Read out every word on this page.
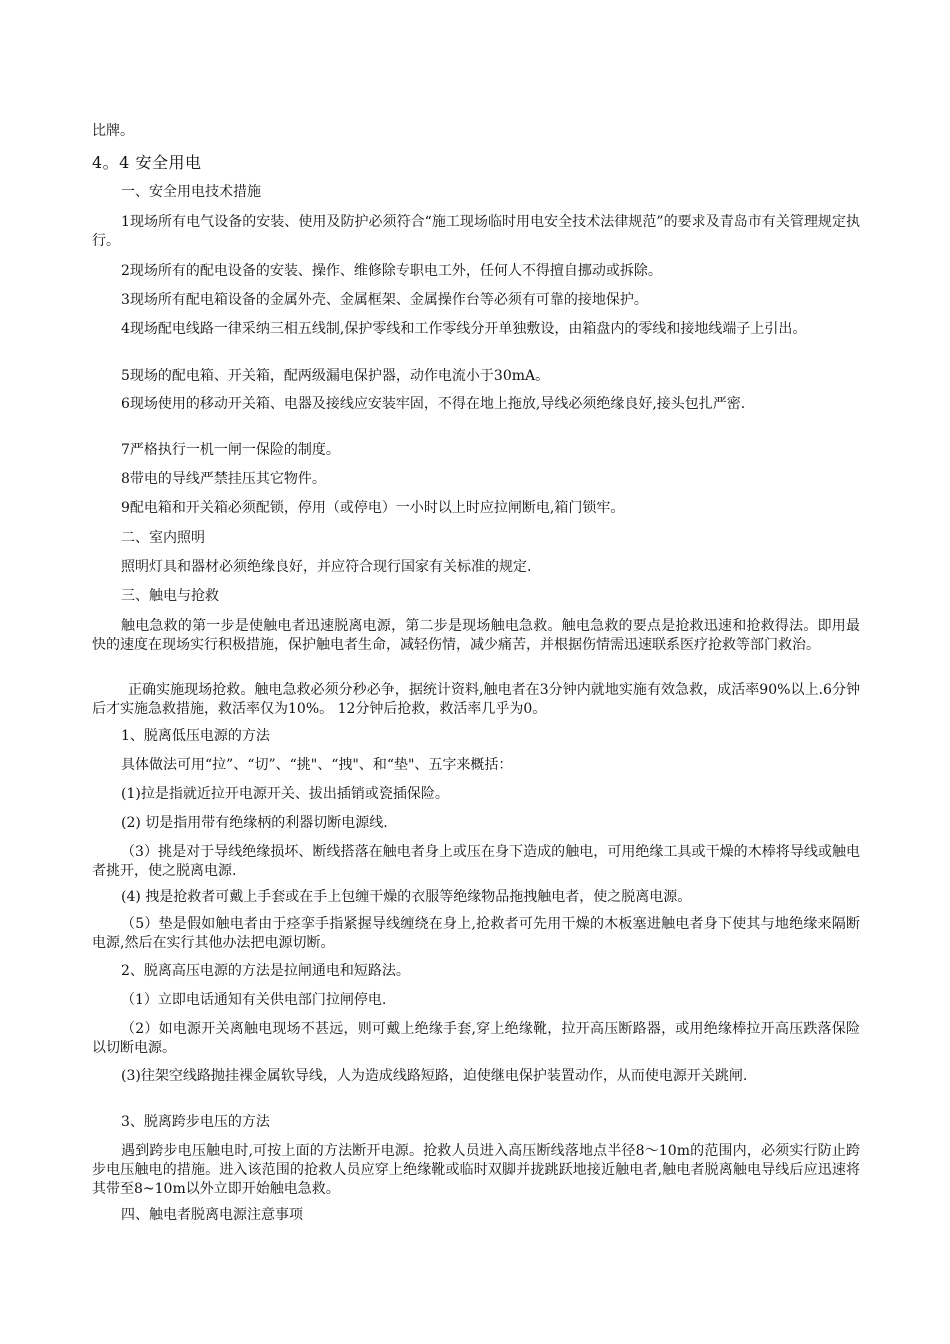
比牌。

4。4 安全用电

一、安全用电技术措施

1现场所有电气设备的安装、使用及防护必须符合“施工现场临时用电安全技术法律规范”的要求及青岛市有关管理规定执行。

2现场所有的配电设备的安装、操作、维修除专职电工外，任何人不得擅自挪动或拆除。

3现场所有配电箱设备的金属外壳、金属框架、金属操作台等必须有可靠的接地保护。

4现场配电线路一律采纳三相五线制,保护零线和工作零线分开单独敷设，由箱盘内的零线和接地线端子上引出。

5现场的配电箱、开关箱，配两级漏电保护器，动作电流小于30mA。

6现场使用的移动开关箱、电器及接线应安装牢固，不得在地上拖放,导线必须绝缘良好,接头包扎严密.

7严格执行一机一闸一保险的制度。

8带电的导线严禁挂压其它物件。

9配电箱和开关箱必须配锁，停用（或停电）一小时以上时应拉闸断电,箱门锁牢。

二、室内照明

照明灯具和器材必须绝缘良好，并应符合现行国家有关标准的规定.

三、触电与抢救

触电急救的第一步是使触电者迅速脱离电源，第二步是现场触电急救。触电急救的要点是抢救迅速和抢救得法。即用最快的速度在现场实行积极措施，保护触电者生命，减轻伤情，减少痛苦，并根据伤情需迅速联系医疗抢救等部门救治。

正确实施现场抢救。触电急救必须分秒必争，据统计资料,触电者在3分钟内就地实施有效急救，成活率90%以上.6分钟后才实施急救措施，救活率仅为10%。 12分钟后抢救，救活率几乎为0。

1、脱离低压电源的方法

具体做法可用“拉”、“切”、“挑"、“拽"、和“垫"、五字来概括：

(1)拉是指就近拉开电源开关、拔出插销或瓷插保险。

(2) 切是指用带有绝缘柄的利器切断电源线.

（3）挑是对于导线绝缘损坏、断线搭落在触电者身上或压在身下造成的触电，可用绝缘工具或干燥的木棒将导线或触电者挑开，使之脱离电源.

(4) 拽是抢救者可戴上手套或在手上包缠干燥的衣服等绝缘物品拖拽触电者，使之脱离电源。

（5）垫是假如触电者由于痉挛手指紧握导线缠绕在身上,抢救者可先用干燥的木板塞进触电者身下使其与地绝缘来隔断电源,然后在实行其他办法把电源切断。

2、脱离高压电源的方法是拉闸通电和短路法。

（1）立即电话通知有关供电部门拉闸停电.

（2）如电源开关离触电现场不甚远，则可戴上绝缘手套,穿上绝缘靴，拉开高压断路器，或用绝缘棒拉开高压跌落保险以切断电源。

(3)往架空线路抛挂裸金属软导线，人为造成线路短路，迫使继电保护装置动作，从而使电源开关跳闸.

3、脱离跨步电压的方法

遇到跨步电压触电时,可按上面的方法断开电源。抢救人员进入高压断线落地点半径8～10m的范围内，必须实行防止跨步电压触电的措施。进入该范围的抢救人员应穿上绝缘靴或临时双脚并拢跳跃地接近触电者,触电者脱离触电导线后应迅速将其带至8~10m以外立即开始触电急救。

四、触电者脱离电源注意事项
